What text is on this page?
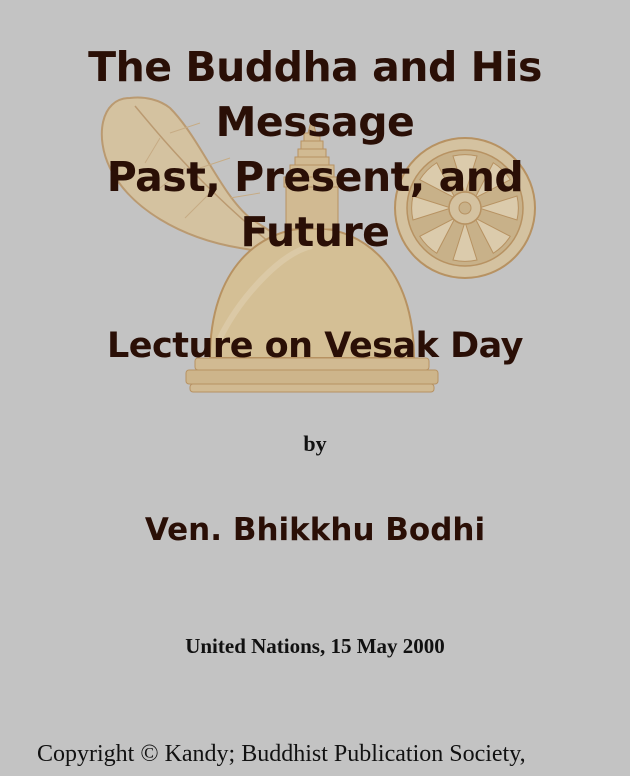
The Buddha and His
Message
Past, Present, and
Future
Lecture on Vesak Day
by
Ven. Bhikkhu Bodhi
United Nations, 15 May 2000
Copyright © Kandy; Buddhist Publication Society,
